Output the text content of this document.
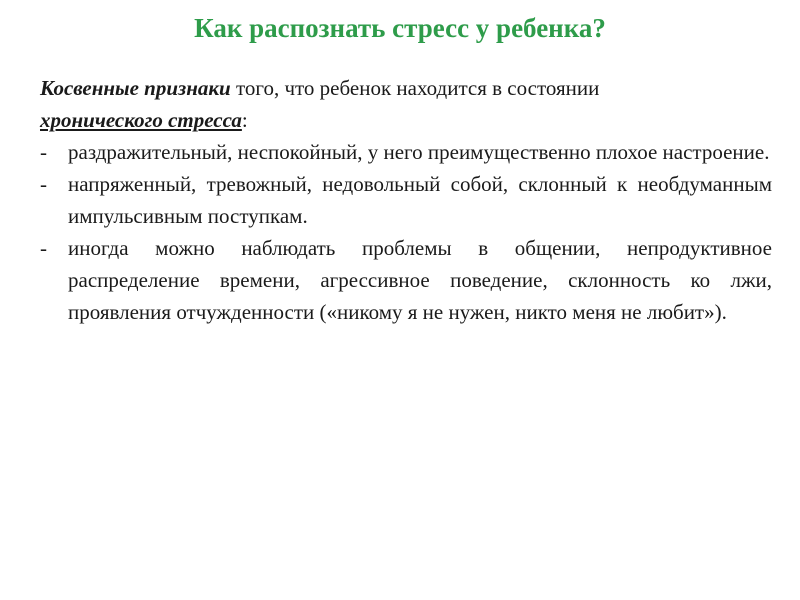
Как распознать стресс у ребенка?

Косвенные признаки того, что ребенок находится в состоянии
хронического стресса:

- раздражительный, неспокойный, у него преимущественно плохое настроение.
- напряженный, тревожный, недовольный собой, склонный к необдуманным импульсивным поступкам.
- иногда можно наблюдать проблемы в общении, непродуктивное распределение времени, агрессивное поведение, склонность ко лжи, проявления отчужденности («никому я не нужен, никто меня не любит»).
